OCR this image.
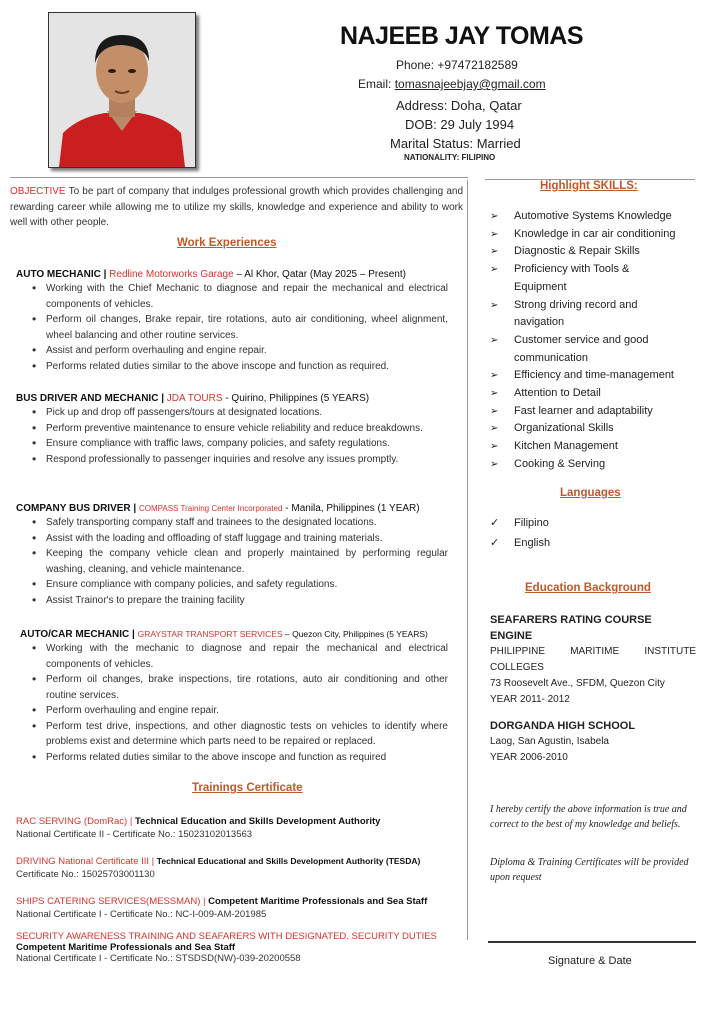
NAJEEB JAY TOMAS
Phone: +97472182589
Email: tomasnajeebjay@gmail.com
Address: Doha, Qatar
DOB: 29 July 1994
Marital Status: Married
NATIONALITY: FILIPINO
OBJECTIVE To be part of company that indulges professional growth which provides challenging and rewarding career while allowing me to utilize my skills, knowledge and experience and ability to work well with other people.
Work Experiences
AUTO MECHANIC | Redline Motorworks Garage – Al Khor, Qatar (May 2025 – Present)
• Working with the Chief Mechanic to diagnose and repair the mechanical and electrical components of vehicles.
• Perform oil changes, Brake repair, tire rotations, auto air conditioning, wheel alignment, wheel balancing and other routine services.
• Assist and perform overhauling and engine repair.
• Performs related duties similar to the above inscope and function as required.
BUS DRIVER AND MECHANIC | JDA TOURS - Quirino, Philippines (5 YEARS)
• Pick up and drop off passengers/tours at designated locations.
• Perform preventive maintenance to ensure vehicle reliability and reduce breakdowns.
• Ensure compliance with traffic laws, company policies, and safety regulations.
• Respond professionally to passenger inquiries and resolve any issues promptly.
COMPANY BUS DRIVER | COMPASS Training Center Incorporated - Manila, Philippines (1 YEAR)
• Safely transporting company staff and trainees to the designated locations.
• Assist with the loading and offloading of staff luggage and training materials.
• Keeping the company vehicle clean and properly maintained by performing regular washing, cleaning, and vehicle maintenance.
• Ensure compliance with company policies, and safety regulations.
• Assist Trainor's to prepare the training facility
AUTO/CAR MECHANIC | GRAYSTAR TRANSPORT SERVICES – Quezon City, Philippines (5 YEARS)
• Working with the mechanic to diagnose and repair the mechanical and electrical components of vehicles.
• Perform oil changes, brake inspections, tire rotations, auto air conditioning and other routine services.
• Perform overhauling and engine repair.
• Perform test drive, inspections, and other diagnostic tests on vehicles to identify where problems exist and determine which parts need to be repaired or replaced.
• Performs related duties similar to the above inscope and function as required
Trainings Certificate
RAC SERVING (DomRac) | Technical Education and Skills Development Authority
National Certificate II - Certificate No.: 15023102013563
DRIVING National Certificate III | Technical Educational and Skills Development Authority (TESDA)
Certificate No.: 15025703001130
SHIPS CATERING SERVICES(MESSMAN) | Competent Maritime Professionals and Sea Staff
National Certificate I - Certificate No.: NC-I-009-AM-201985
SECURITY AWARENESS TRAINING AND SEAFARERS WITH DESIGNATED. SECURITY DUTIES
Competent Maritime Professionals and Sea Staff
National Certificate I - Certificate No.: STSDSD(NW)-039-20200558
Highlight SKILLS:
➢ Automotive Systems Knowledge
➢ Knowledge in car air conditioning
➢ Diagnostic & Repair Skills
➢ Proficiency with Tools & Equipment
➢ Strong driving record and navigation
➢ Customer service and good communication
➢ Efficiency and time-management
➢ Attention to Detail
➢ Fast learner and adaptability
➢ Organizational Skills
➢ Kitchen Management
➢ Cooking & Serving
Languages
✓ Filipino
✓ English
Education Background
SEAFARERS RATING COURSE ENGINE
PHILIPPINE MARITIME INSTITUTE COLLEGES
73 Roosevelt Ave., SFDM, Quezon City
YEAR 2011- 2012
DORGANDA HIGH SCHOOL
Laog, San Agustin, Isabela
YEAR 2006-2010
I hereby certify the above information is true and correct to the best of my knowledge and beliefs.
Diploma & Training Certificates will be provided upon request
Signature & Date
